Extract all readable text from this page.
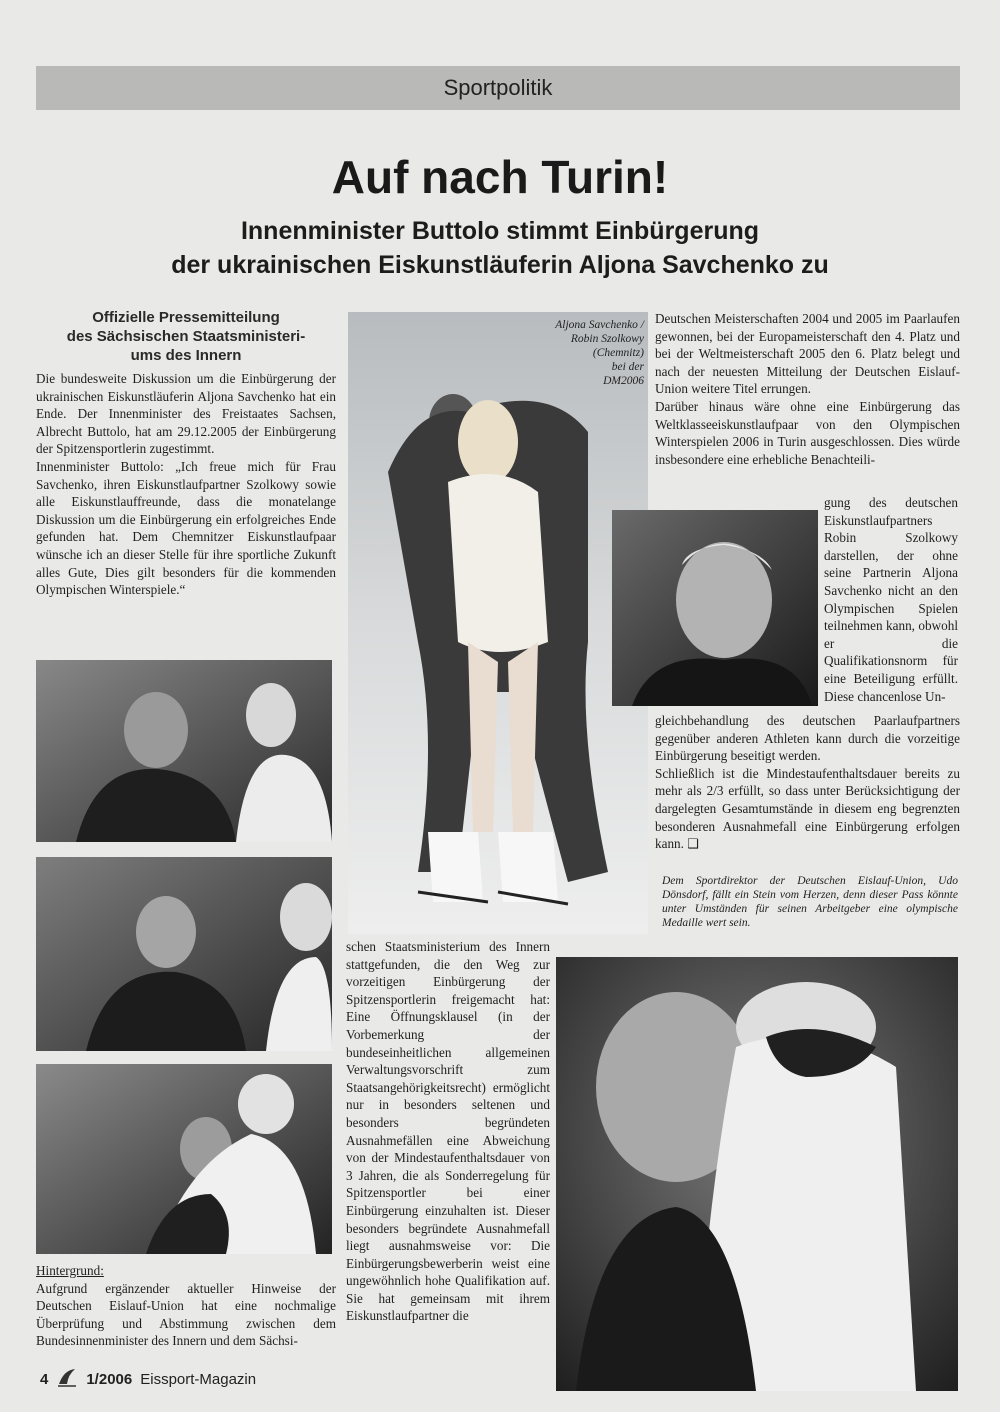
Sportpolitik
Auf nach Turin!
Innenminister Buttolo stimmt Einbürgerung
der ukrainischen Eiskunstläuferin Aljona Savchenko zu
Offizielle Pressemitteilung
des Sächsischen Staatsministeri-
ums des Innern

Die bundesweite Diskussion um die Einbürgerung der ukrainischen Eiskunstläuferin Aljona Savchenko hat ein Ende. Der Innenminister des Freistaates Sachsen, Albrecht Buttolo, hat am 29.12.2005 der Einbürgerung der Spitzensportlerin zugestimmt.

Innenminister Buttolo: „Ich freue mich für Frau Savchenko, ihren Eiskunstlaufpartner Szolkowy sowie alle Eiskunstlauffreunde, dass die monatelange Diskussion um die Einbürgerung ein erfolgreiches Ende gefunden hat. Dem Chemnitzer Eiskunstlaufpaar wünsche ich an dieser Stelle für ihre sportliche Zukunft alles Gute, Dies gilt besonders für die kommenden Olympischen Winterspiele.“

Hintergrund:

Aufgrund ergänzender aktueller Hinweise der Deutschen Eislauf-Union hat eine nochmalige Überprüfung und Abstimmung zwischen dem Bundesinnenminister des Innern und dem Sächsi-

Aljona Savchenko /
Robin Szolkowy
(Chemnitz)
bei der
DM2006

schen Staatsministerium des Innern stattgefunden, die den Weg zur vorzeitigen Einbürgerung der Spitzensportlerin freigemacht hat: Eine Öffnungsklausel (in der Vorbemerkung der bundeseinheitlichen allgemeinen Verwaltungsvorschrift zum Staatsangehörigkeitsrecht) ermöglicht nur in besonders seltenen und besonders begründeten Ausnahmefällen eine Abweichung von der Mindestaufenthaltsdauer von 3 Jahren, die als Sonderregelung für Spitzensportler bei einer Einbürgerung einzuhalten ist. Dieser besonders begründete Ausnahmefall liegt ausnahmsweise vor: Die Einbürgerungsbewerberin weist eine ungewöhnlich hohe Qualifikation auf. Sie hat gemeinsam mit ihrem Eiskunstlaufpartner die

Deutschen Meisterschaften 2004 und 2005 im Paarlaufen gewonnen, bei der Europameisterschaft den 4. Platz und bei der Weltmeisterschaft 2005 den 6. Platz belegt und nach der neuesten Mitteilung der Deutschen Eislauf-Union weitere Titel errungen.

Darüber hinaus wäre ohne eine Einbürgerung das Weltklasseeiskunstlaufpaar von den Olympischen Winterspielen 2006 in Turin ausgeschlossen. Dies würde insbesondere eine erhebliche Benachteili-

gung des deutschen Eiskunstlaufpartners Robin Szolkowy darstellen, der ohne seine Partnerin Aljona Savchenko nicht an den Olympischen Spielen teilnehmen kann, obwohl er die Qualifikationsnorm für eine Beteiligung erfüllt. Diese chancenlose Un-

gleichbehandlung des deutschen Paarlaufpartners gegenüber anderen Athleten kann durch die vorzeitige Einbürgerung beseitigt werden.

Schließlich ist die Mindestaufenthaltsdauer bereits zu mehr als 2/3 erfüllt, so dass unter Berücksichtigung der dargelegten Gesamtumstände in diesem eng begrenzten besonderen Ausnahmefall eine Einbürgerung erfolgen kann. ❑

Dem Sportdirektor der Deutschen Eislauf-Union, Udo Dönsdorf, fällt ein Stein vom Herzen, denn dieser Pass könnte unter Umständen für seinen Arbeitgeber eine olympische Medaille wert sein.
4	1/2006 Eissport-Magazin
